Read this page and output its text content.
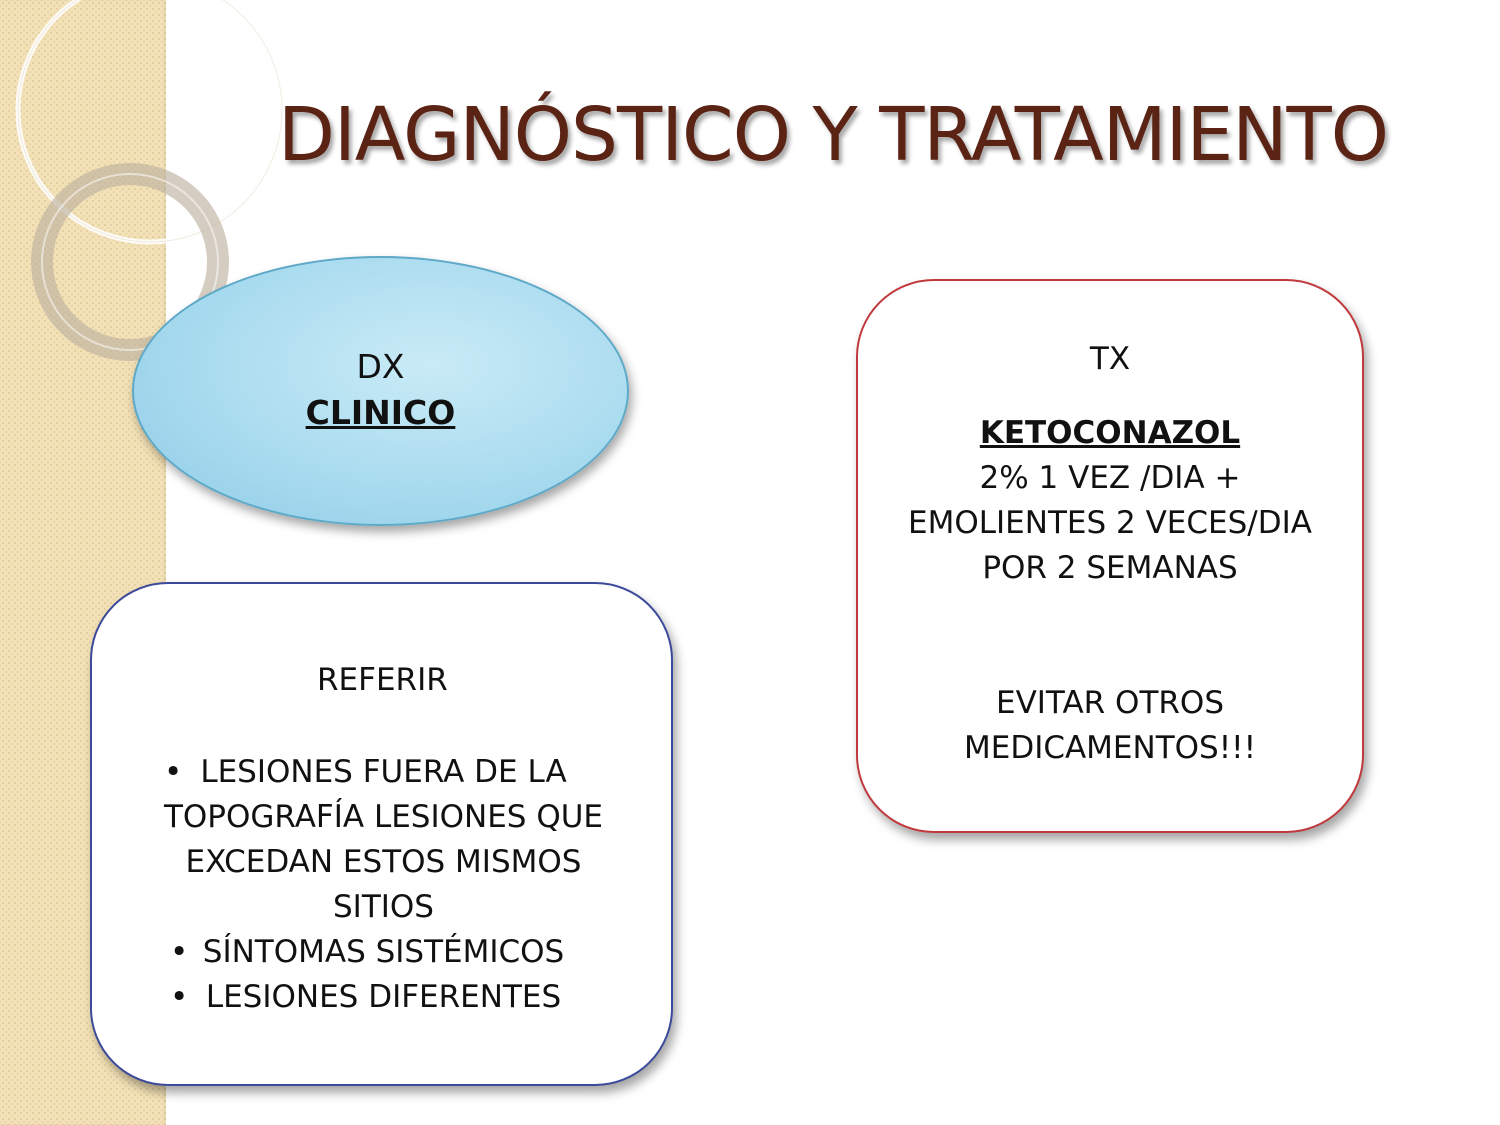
DIAGNÓSTICO Y TRATAMIENTO
DX
CLINICO
REFERIR
• LESIONES FUERA DE LA TOPOGRAFÍA LESIONES QUE EXCEDAN ESTOS MISMOS SITIOS
• SÍNTOMAS SISTÉMICOS
• LESIONES DIFERENTES
TX
KETOCONAZOL
2% 1 VEZ /DIA +
EMOLIENTES 2 VECES/DIA
POR 2 SEMANAS
EVITAR OTROS
MEDICAMENTOS!!!
